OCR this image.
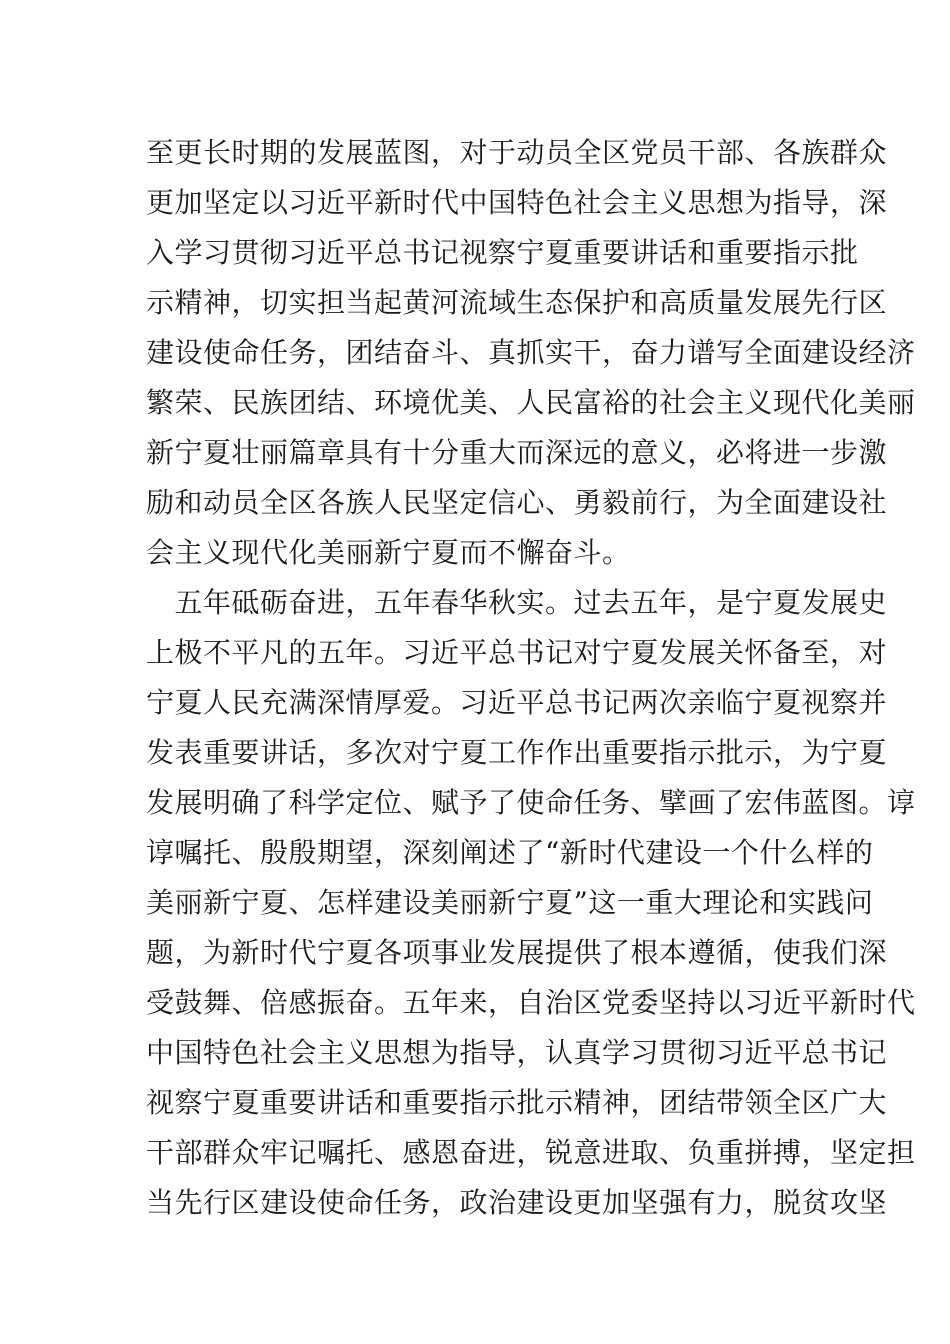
至更长时期的发展蓝图，对于动员全区党员干部、各族群众
更加坚定以习近平新时代中国特色社会主义思想为指导，深
入学习贯彻习近平总书记视察宁夏重要讲话和重要指示批
示精神，切实担当起黄河流域生态保护和高质量发展先行区
建设使命任务，团结奋斗、真抓实干，奋力谱写全面建设经济
繁荣、民族团结、环境优美、人民富裕的社会主义现代化美丽
新宁夏壮丽篇章具有十分重大而深远的意义，必将进一步激
励和动员全区各族人民坚定信心、勇毅前行，为全面建设社
会主义现代化美丽新宁夏而不懈奋斗。
　五年砥砺奋进，五年春华秋实。过去五年，是宁夏发展史
上极不平凡的五年。习近平总书记对宁夏发展关怀备至，对
宁夏人民充满深情厚爱。习近平总书记两次亲临宁夏视察并
发表重要讲话，多次对宁夏工作作出重要指示批示，为宁夏
发展明确了科学定位、赋予了使命任务、擘画了宏伟蓝图。谆
谆嘱托、殷殷期望，深刻阐述了“新时代建设一个什么样的
美丽新宁夏、怎样建设美丽新宁夏”这一重大理论和实践问
题，为新时代宁夏各项事业发展提供了根本遵循，使我们深
受鼓舞、倍感振奋。五年来，自治区党委坚持以习近平新时代
中国特色社会主义思想为指导，认真学习贯彻习近平总书记
视察宁夏重要讲话和重要指示批示精神，团结带领全区广大
干部群众牢记嘱托、感恩奋进，锐意进取、负重拼搏，坚定担
当先行区建设使命任务，政治建设更加坚强有力，脱贫攻坚
